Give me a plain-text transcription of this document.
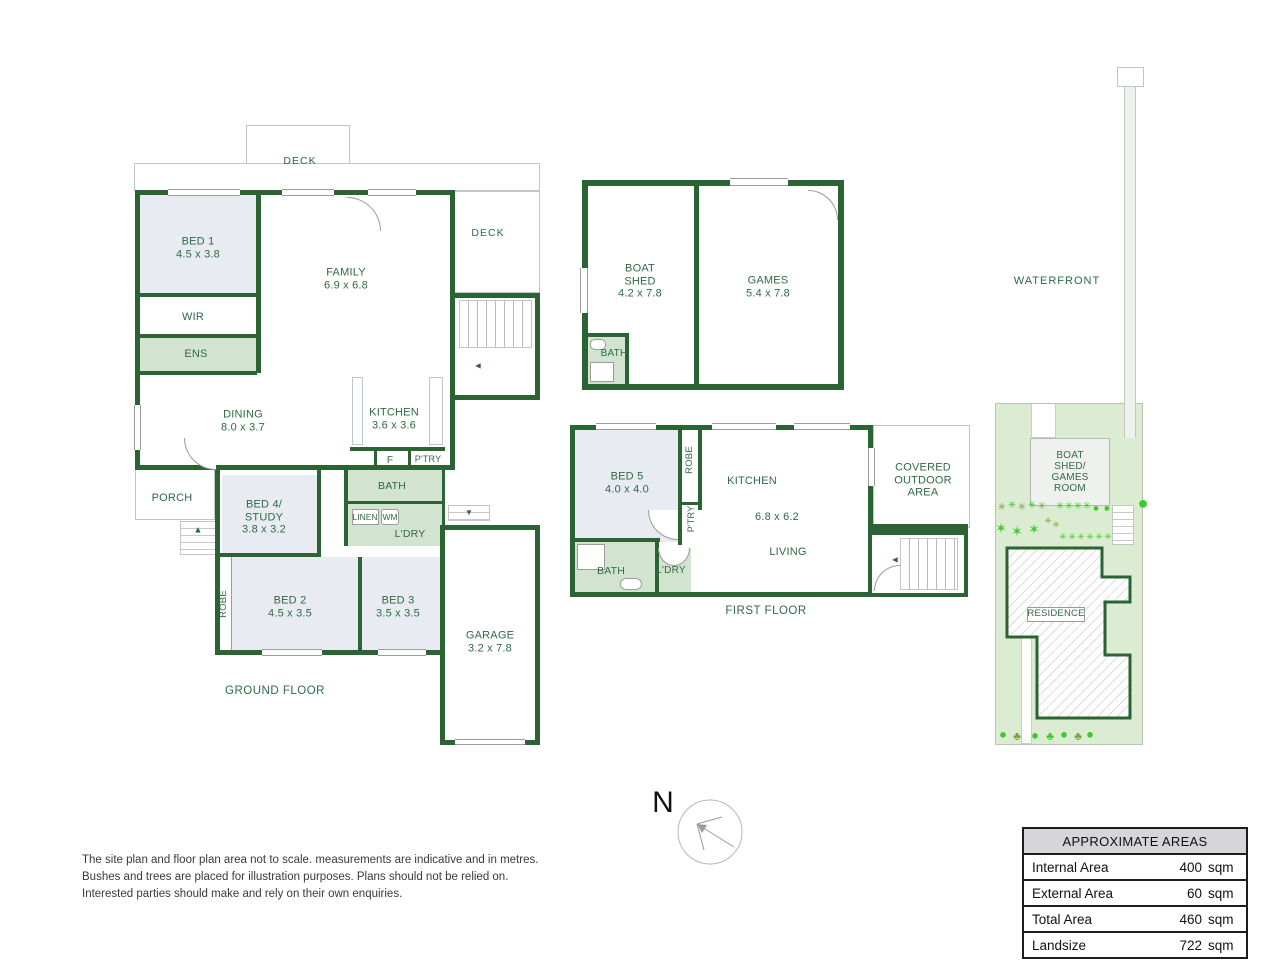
◄
▲
▼
DECK
DECK
BED 1
4.5 x 3.8
WIR
ENS
FAMILY
6.9 x 6.8
DINING
8.0 x 3.7
KITCHEN
3.6 x 3.6
PORCH
F P'TRY
BATH
LINEN WM
L'DRY
ROBE
BED 4/
STUDY
3.8 x 3.2
BED 2
4.5 x 3.5
BED 3
3.5 x 3.5
GARAGE
3.2 x 7.8
GROUND FLOOR
BOAT
SHED
4.2 x 7.8
GAMES
5.4 x 7.8
BATH
◄
BED 5
4.0 x 4.0
ROBE
P'TRY
KITCHEN
6.8 x 6.2
LIVING
COVERED
OUTDOOR
AREA
BATH	L'DRY
FIRST FLOOR
WATERFRONT
BOAT
SHED/
GAMES
ROOM
RESIDENCE
✳ ✳ ✳ ✳ ✳ ✳ ✳ ✳ ✳ ● ●
✳ ✳
✶ ✶ ✶ ✳ ✳ ✳ ✳ ✳ ✳
●
● ♣ ● ♣ ● ♣ ●
N
APPROXIMATE AREAS
Internal Area	400 sqm
External Area	60 sqm
Total Area	460 sqm
Landsize	722 sqm
The site plan and floor plan area not to scale. measurements are indicative and in metres.
Bushes and trees are placed for illustration purposes. Plans should not be relied on.
Interested parties should make and rely on their own enquiries.
